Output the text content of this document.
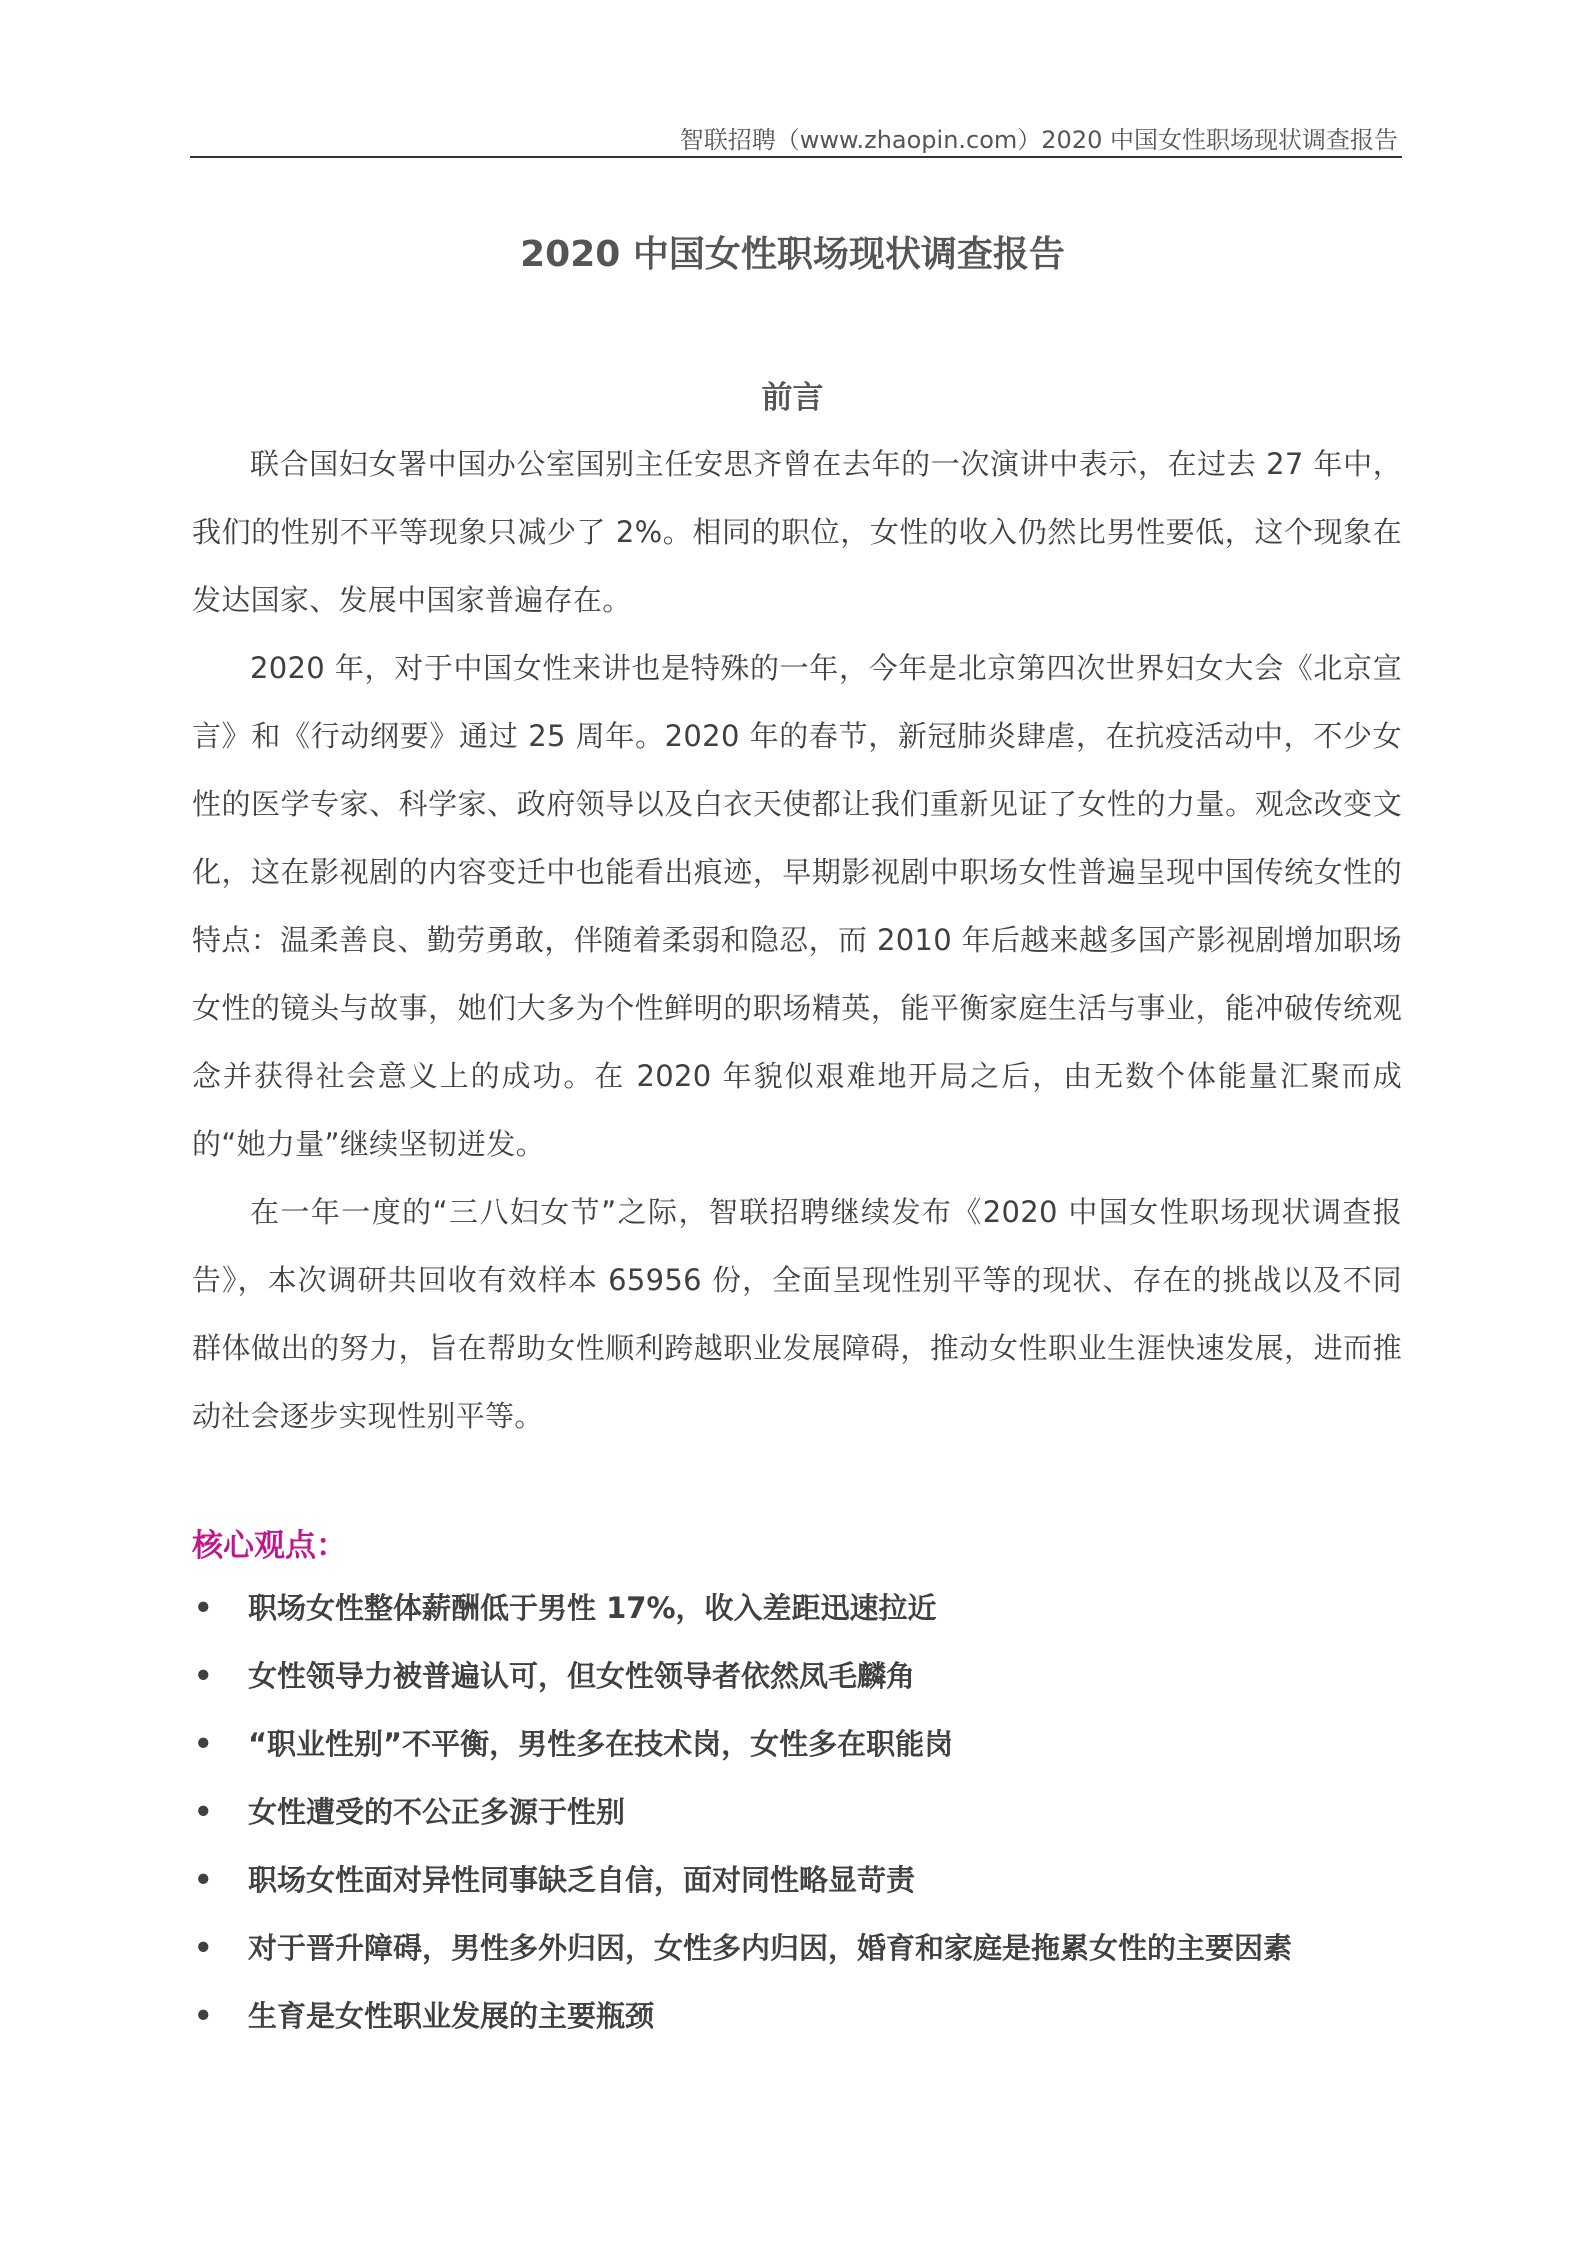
智联招聘（www.zhaopin.com）2020 中国女性职场现状调查报告
2020 中国女性职场现状调查报告
前言

联合国妇女署中国办公室国别主任安思齐曾在去年的一次演讲中表示，在过去 27 年中，我们的性别不平等现象只减少了 2%。相同的职位，女性的收入仍然比男性要低，这个现象在发达国家、发展中国家普遍存在。

2020 年，对于中国女性来讲也是特殊的一年，今年是北京第四次世界妇女大会《北京宣言》和《行动纲要》通过 25 周年。2020 年的春节，新冠肺炎肆虐，在抗疫活动中，不少女性的医学专家、科学家、政府领导以及白衣天使都让我们重新见证了女性的力量。观念改变文化，这在影视剧的内容变迁中也能看出痕迹，早期影视剧中职场女性普遍呈现中国传统女性的特点：温柔善良、勤劳勇敢，伴随着柔弱和隐忍，而 2010 年后越来越多国产影视剧增加职场女性的镜头与故事，她们大多为个性鲜明的职场精英，能平衡家庭生活与事业，能冲破传统观念并获得社会意义上的成功。在 2020 年貌似艰难地开局之后，由无数个体能量汇聚而成的“她力量”继续坚韧迸发。

在一年一度的“三八妇女节”之际，智联招聘继续发布《2020 中国女性职场现状调查报告》，本次调研共回收有效样本 65956 份，全面呈现性别平等的现状、存在的挑战以及不同群体做出的努力，旨在帮助女性顺利跨越职业发展障碍，推动女性职业生涯快速发展，进而推动社会逐步实现性别平等。

核心观点：
• 职场女性整体薪酬低于男性 17%，收入差距迅速拉近
• 女性领导力被普遍认可，但女性领导者依然凤毛麟角
• “职业性别”不平衡，男性多在技术岗，女性多在职能岗
• 女性遭受的不公正多源于性别
• 职场女性面对异性同事缺乏自信，面对同性略显苛责
• 对于晋升障碍，男性多外归因，女性多内归因，婚育和家庭是拖累女性的主要因素
• 生育是女性职业发展的主要瓶颈
